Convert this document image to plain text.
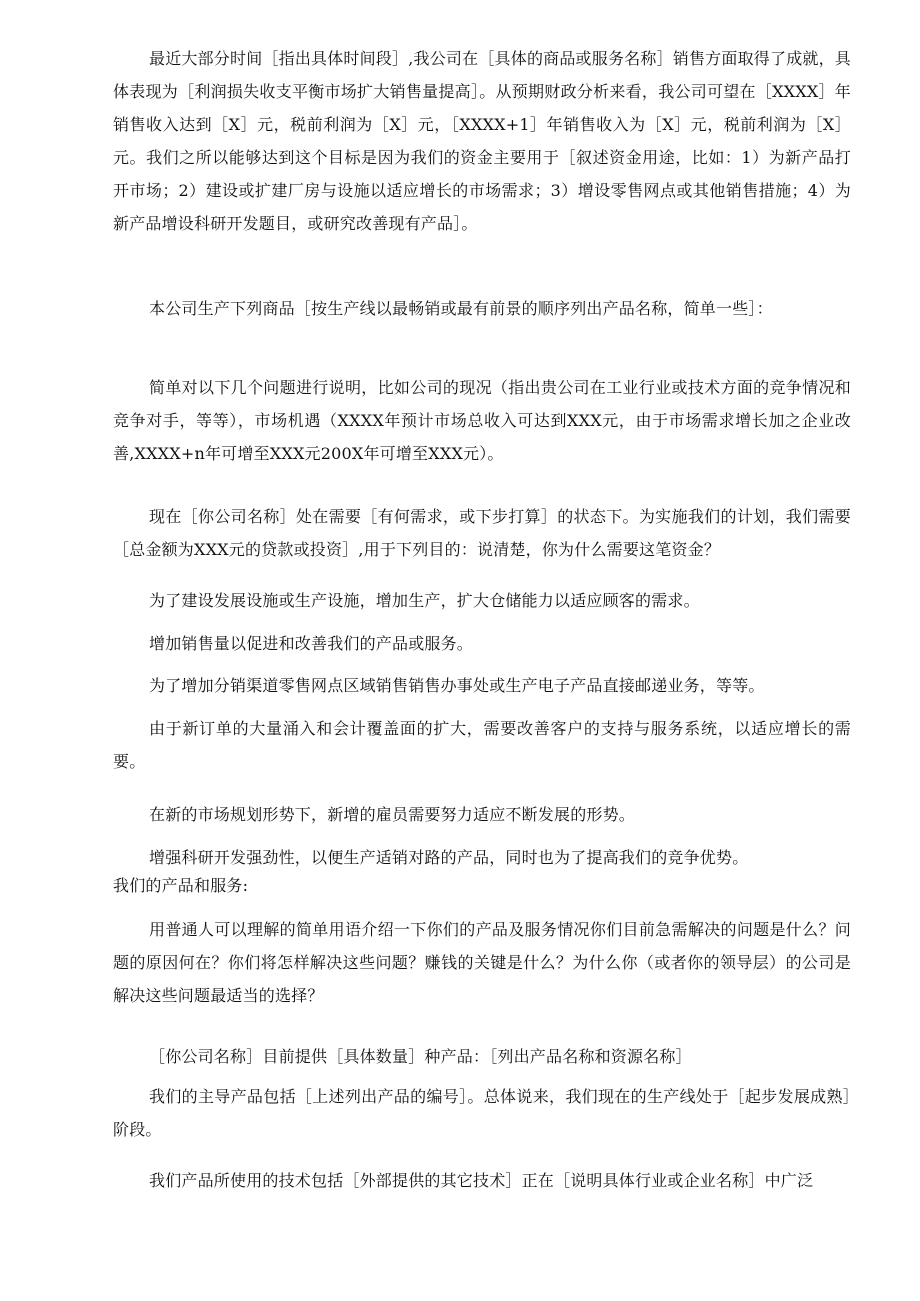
最近大部分时间［指出具体时间段］,我公司在［具体的商品或服务名称］销售方面取得了成就，具体表现为［利润损失收支平衡市场扩大销售量提高］。从预期财政分析来看，我公司可望在［XXXX］年销售收入达到［X］元，税前利润为［X］元，［XXXX+1］年销售收入为［X］元，税前利润为［X］元。我们之所以能够达到这个目标是因为我们的资金主要用于［叙述资金用途，比如：1）为新产品打开市场；2）建设或扩建厂房与设施以适应增长的市场需求；3）增设零售网点或其他销售措施；4）为新产品增设科研开发题目，或研究改善现有产品］。

本公司生产下列商品［按生产线以最畅销或最有前景的顺序列出产品名称，简单一些］：

简单对以下几个问题进行说明，比如公司的现况（指出贵公司在工业行业或技术方面的竞争情况和竞争对手，等等），市场机遇（XXXX年预计市场总收入可达到XXX元，由于市场需求增长加之企业改善,XXXX+n年可增至XXX元200X年可增至XXX元）。

现在［你公司名称］处在需要［有何需求，或下步打算］的状态下。为实施我们的计划，我们需要［总金额为XXX元的贷款或投资］,用于下列目的：说清楚，你为什么需要这笔资金？

为了建设发展设施或生产设施，增加生产，扩大仓储能力以适应顾客的需求。

增加销售量以促进和改善我们的产品或服务。

为了增加分销渠道零售网点区域销售销售办事处或生产电子产品直接邮递业务，等等。

由于新订单的大量涌入和会计覆盖面的扩大，需要改善客户的支持与服务系统，以适应增长的需要。

在新的市场规划形势下，新增的雇员需要努力适应不断发展的形势。

增强科研开发强劲性，以便生产适销对路的产品，同时也为了提高我们的竞争优势。

我们的产品和服务:

用普通人可以理解的简单用语介绍一下你们的产品及服务情况你们目前急需解决的问题是什么？问题的原因何在？你们将怎样解决这些问题？赚钱的关键是什么？为什么你（或者你的领导层）的公司是解决这些问题最适当的选择？

［你公司名称］目前提供［具体数量］种产品：［列出产品名称和资源名称］

我们的主导产品包括［上述列出产品的编号］。总体说来，我们现在的生产线处于［起步发展成熟］阶段。

我们产品所使用的技术包括［外部提供的其它技术］正在［说明具体行业或企业名称］中广泛
